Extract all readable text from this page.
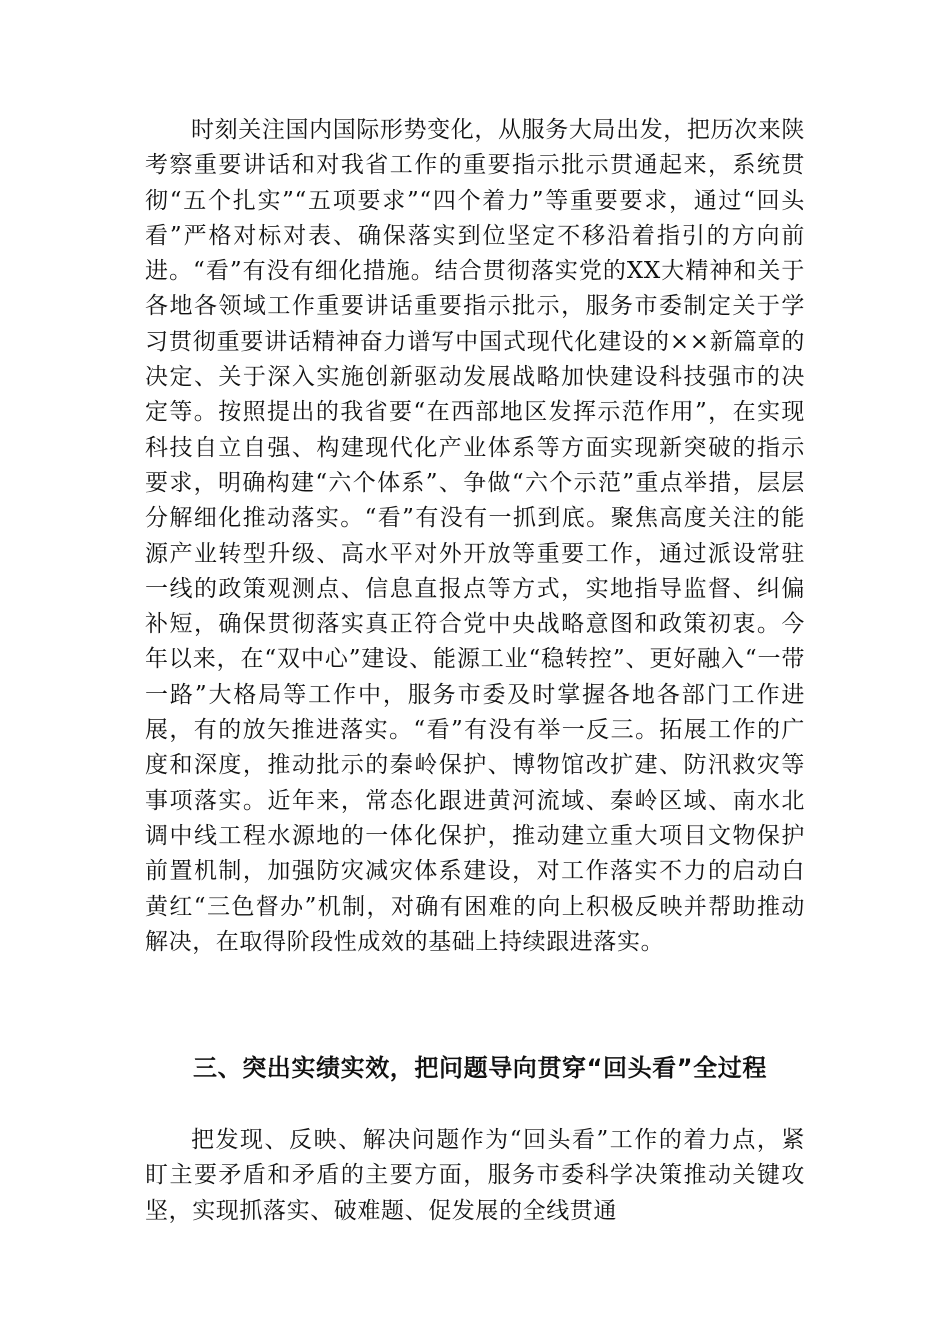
时刻关注国内国际形势变化，从服务大局出发，把历次来陕考察重要讲话和对我省工作的重要指示批示贯通起来，系统贯彻“五个扎实”“五项要求”“四个着力”等重要要求，通过“回头看”严格对标对表、确保落实到位坚定不移沿着指引的方向前进。“看”有没有细化措施。结合贯彻落实党的XX大精神和关于各地各领域工作重要讲话重要指示批示，服务市委制定关于学习贯彻重要讲话精神奋力谱写中国式现代化建设的××新篇章的决定、关于深入实施创新驱动发展战略加快建设科技强市的决定等。按照提出的我省要“在西部地区发挥示范作用”，在实现科技自立自强、构建现代化产业体系等方面实现新突破的指示要求，明确构建“六个体系”、争做“六个示范”重点举措，层层分解细化推动落实。“看”有没有一抓到底。聚焦高度关注的能源产业转型升级、高水平对外开放等重要工作，通过派设常驻一线的政策观测点、信息直报点等方式，实地指导监督、纠偏补短，确保贯彻落实真正符合党中央战略意图和政策初衷。今年以来，在“双中心”建设、能源工业“稳转控”、更好融入“一带一路”大格局等工作中，服务市委及时掌握各地各部门工作进展，有的放矢推进落实。“看”有没有举一反三。拓展工作的广度和深度，推动批示的秦岭保护、博物馆改扩建、防汛救灾等事项落实。近年来，常态化跟进黄河流域、秦岭区域、南水北调中线工程水源地的一体化保护，推动建立重大项目文物保护前置机制，加强防灾减灾体系建设，对工作落实不力的启动白黄红“三色督办”机制，对确有困难的向上积极反映并帮助推动解决，在取得阶段性成效的基础上持续跟进落实。

三、突出实绩实效，把问题导向贯穿“回头看”全过程

把发现、反映、解决问题作为“回头看”工作的着力点，紧盯主要矛盾和矛盾的主要方面，服务市委科学决策推动关键攻坚，实现抓落实、破难题、促发展的全线贯通
